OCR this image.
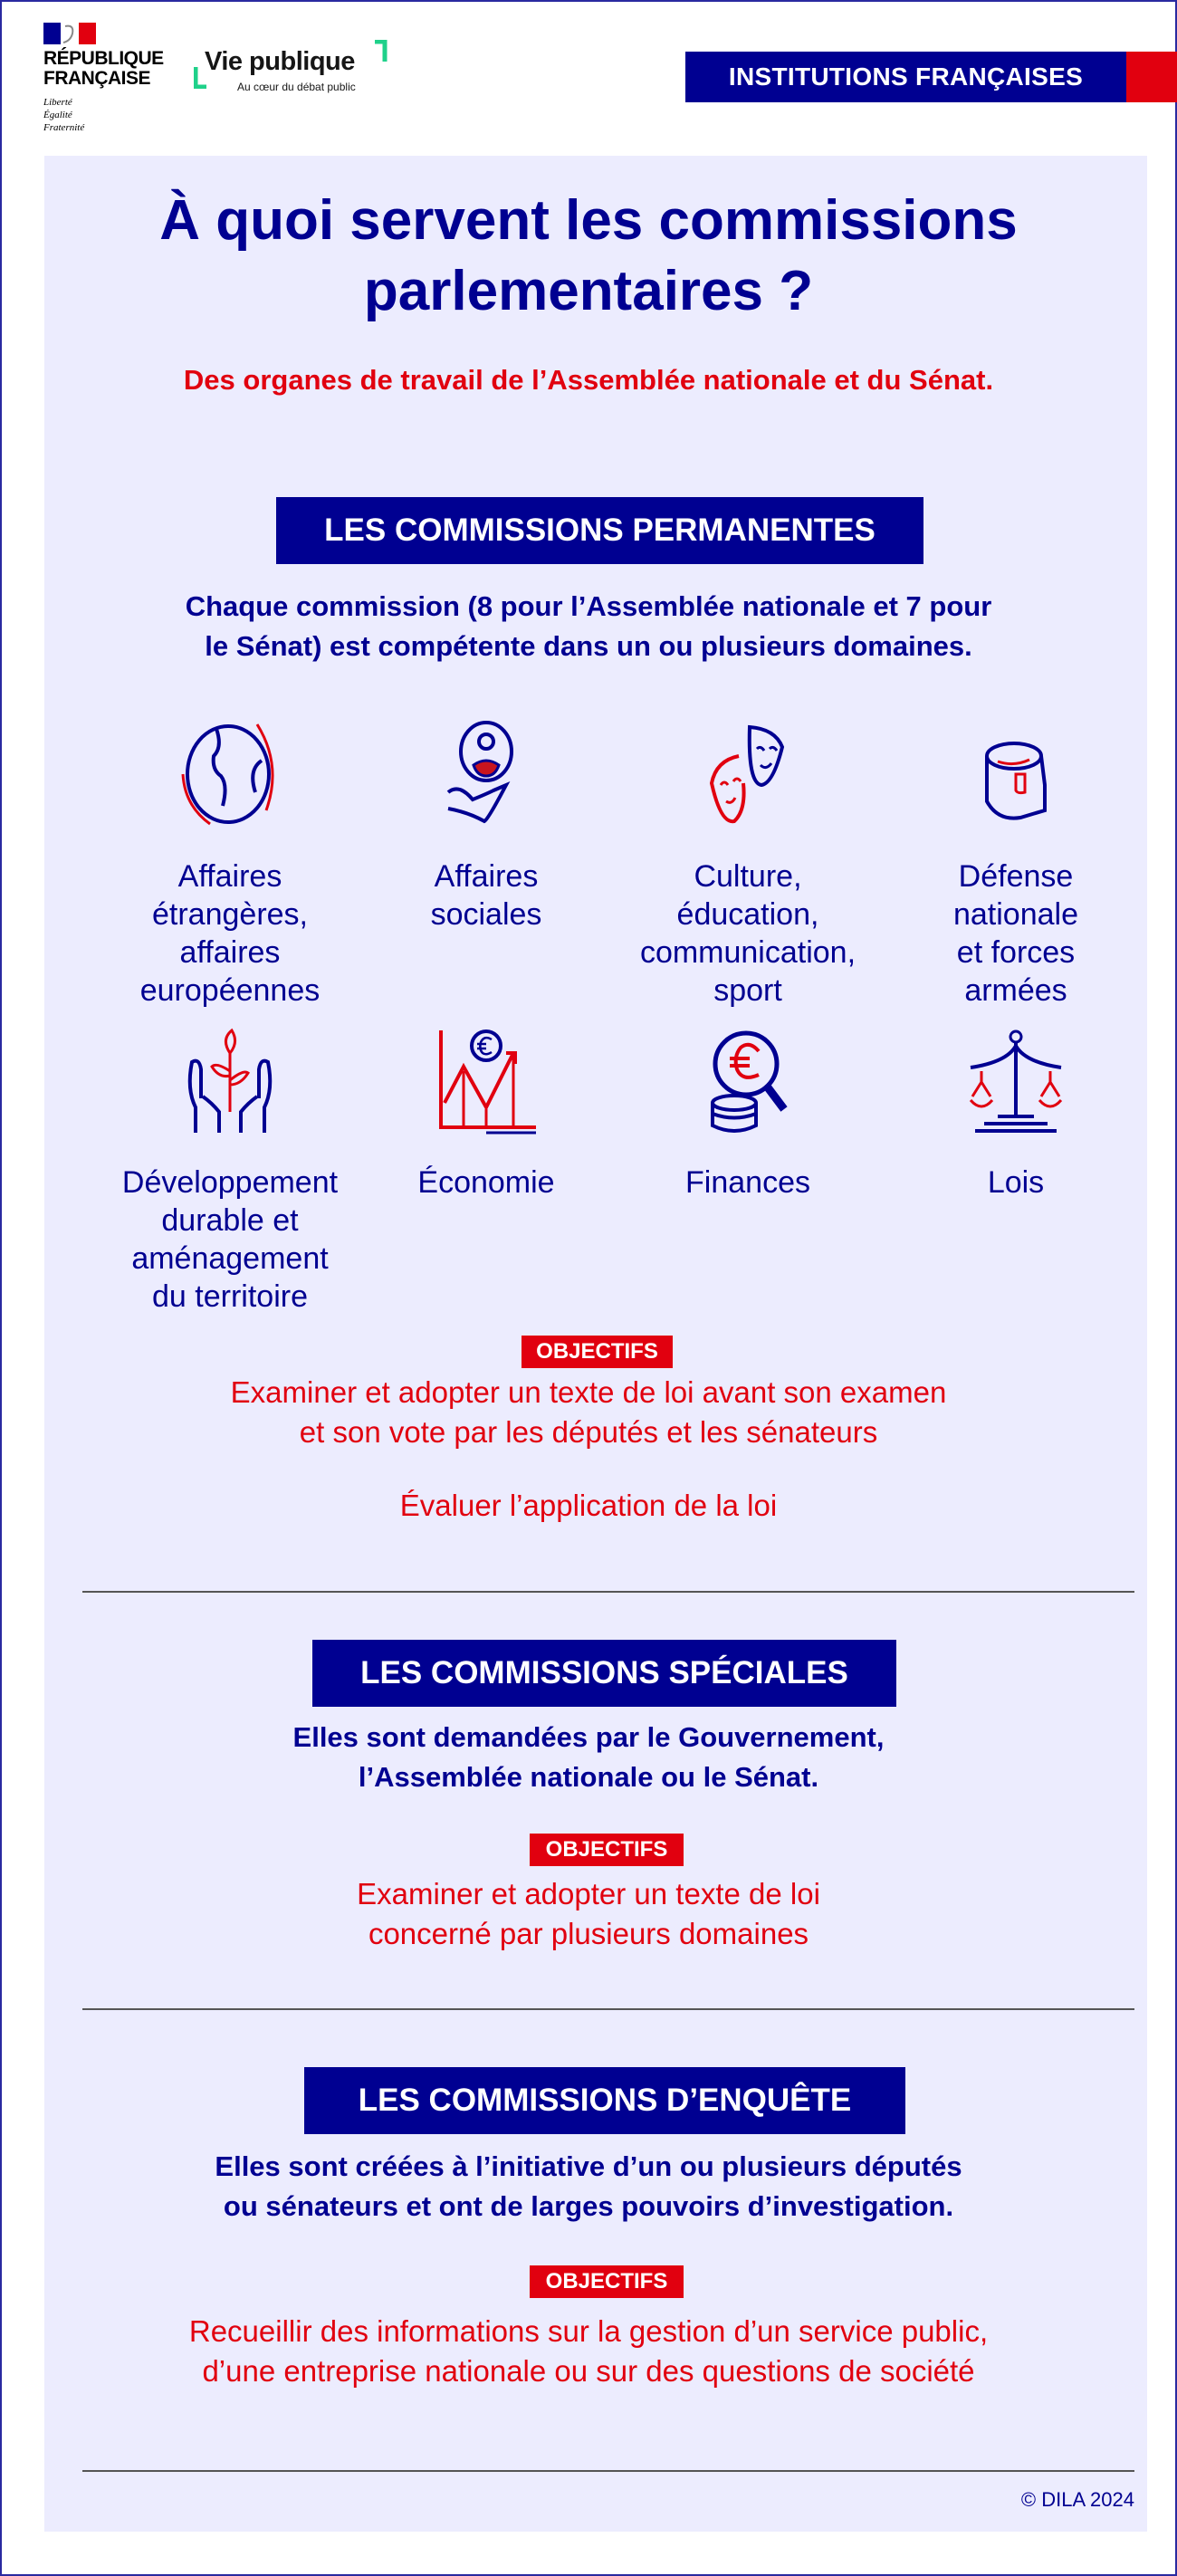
RÉPUBLIQUE
FRANÇAISE
Liberté
Égalité
Fraternité
Vie publique
Au cœur du débat public	INSTITUTIONS FRANÇAISES
À quoi servent les commissions
parlementaires ?
Des organes de travail de l’Assemblée nationale et du Sénat.
LES COMMISSIONS PERMANENTES
Chaque commission (8 pour l’Assemblée nationale et 7 pour
le Sénat) est compétente dans un ou plusieurs domaines.
Affaires
étrangères,
affaires
européennes
Affaires
sociales
Culture,
éducation,
communication,
sport
Défense
nationale
et forces
armées
Développement
durable et
aménagement
du territoire
Économie	Finances	Lois
OBJECTIFS
Examiner et adopter un texte de loi avant son examen
et son vote par les députés et les sénateurs
Évaluer l’application de la loi
LES COMMISSIONS SPÉCIALES
Elles sont demandées par le Gouvernement,
l’Assemblée nationale ou le Sénat.
OBJECTIFS
Examiner et adopter un texte de loi
concerné par plusieurs domaines
LES COMMISSIONS D’ENQUÊTE
Elles sont créées à l’initiative d’un ou plusieurs députés
ou sénateurs et ont de larges pouvoirs d’investigation.
OBJECTIFS
Recueillir des informations sur la gestion d’un service public,
d’une entreprise nationale ou sur des questions de société
© DILA 2024
